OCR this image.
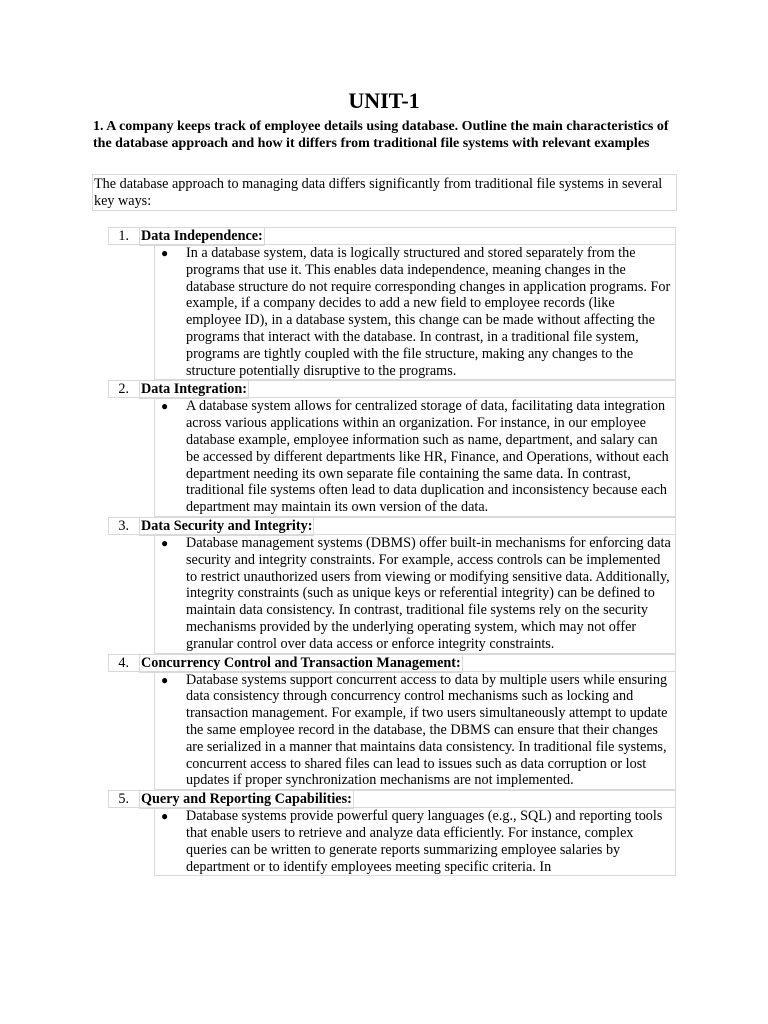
UNIT-1
1. A company keeps track of employee details using database. Outline the main characteristics of the database approach and how it differs from traditional file systems with relevant examples
The database approach to managing data differs significantly from traditional file systems in several key ways:
1. Data Independence:
● In a database system, data is logically structured and stored separately from the programs that use it. This enables data independence, meaning changes in the database structure do not require corresponding changes in application programs. For example, if a company decides to add a new field to employee records (like employee ID), in a database system, this change can be made without affecting the programs that interact with the database. In contrast, in a traditional file system, programs are tightly coupled with the file structure, making any changes to the structure potentially disruptive to the programs.
2. Data Integration:
● A database system allows for centralized storage of data, facilitating data integration across various applications within an organization. For instance, in our employee database example, employee information such as name, department, and salary can be accessed by different departments like HR, Finance, and Operations, without each department needing its own separate file containing the same data. In contrast, traditional file systems often lead to data duplication and inconsistency because each department may maintain its own version of the data.
3. Data Security and Integrity:
● Database management systems (DBMS) offer built-in mechanisms for enforcing data security and integrity constraints. For example, access controls can be implemented to restrict unauthorized users from viewing or modifying sensitive data. Additionally, integrity constraints (such as unique keys or referential integrity) can be defined to maintain data consistency. In contrast, traditional file systems rely on the security mechanisms provided by the underlying operating system, which may not offer granular control over data access or enforce integrity constraints.
4. Concurrency Control and Transaction Management:
● Database systems support concurrent access to data by multiple users while ensuring data consistency through concurrency control mechanisms such as locking and transaction management. For example, if two users simultaneously attempt to update the same employee record in the database, the DBMS can ensure that their changes are serialized in a manner that maintains data consistency. In traditional file systems, concurrent access to shared files can lead to issues such as data corruption or lost updates if proper synchronization mechanisms are not implemented.
5. Query and Reporting Capabilities:
● Database systems provide powerful query languages (e.g., SQL) and reporting tools that enable users to retrieve and analyze data efficiently. For instance, complex queries can be written to generate reports summarizing employee salaries by department or to identify employees meeting specific criteria. In
